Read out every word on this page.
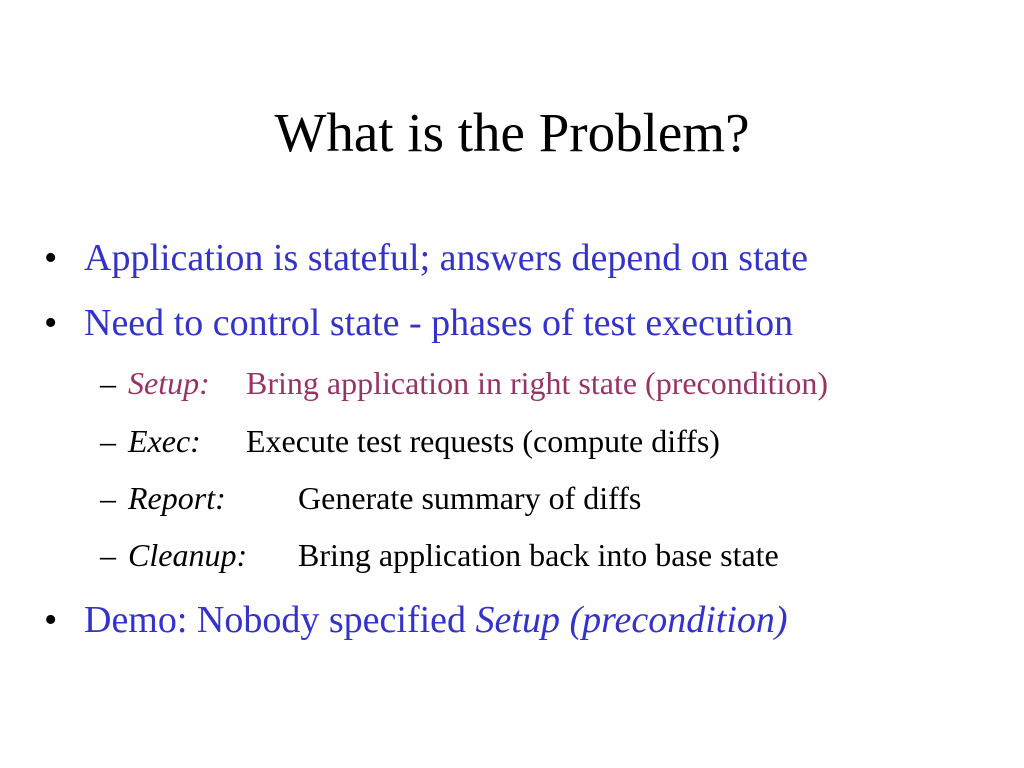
What is the Problem?
• Application is stateful; answers depend on state
• Need to control state - phases of test execution
– Setup: Bring application in right state (precondition)
– Exec: Execute test requests (compute diffs)
– Report: Generate summary of diffs
– Cleanup: Bring application back into base state
• Demo: Nobody specified Setup (precondition)
